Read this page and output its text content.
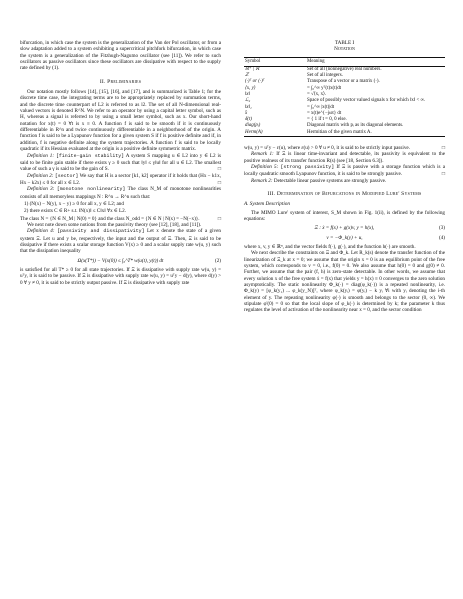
bifurcation, in which case the system is the generalization of the Van der Pol oscillator, or from a slow adaptation added to a system exhibiting a supercritical pitchfork bifurcation, in which case the system is a generalization of the Fitzhugh-Nagumo oscillator (see [11]). We refer to such oscillators as passive oscillators since these oscillators are dissipative with respect to the supply rate defined by (1).

II. Preliminaries

Our notation mostly follows [14], [15], [16], and [17], and is summarized is Table 1; for the discrete time case, the integrating terms are to be appropriately replaced by summation terms, and the discrete time counterpart of L2 is referred to as l2. The set of all N-dimensional real-valued vectors is denoted R^N. We refer to an operator by using a capital letter symbol, such as H, whereas a signal is referred to by using a small letter symbol, such as x. Our short-hand notation for x(t) = 0 ∀t is x ≡ 0. A function f is said to be smooth if it is continuously differentiable in R^n and twice continuously differentiable in a neighborhood of the origin. A function f is said to be a Lyapunov function for a given system S if f is positive definite and if, in addition, f is negative definite along the system trajectories. A function f is said to be locally quadratic if its Hessian evaluated at the origin is a positive definite symmetric matrix.

Definition 1: [finite-gain stability] A system S mapping u ∈ L2 into y ∈ L2 is said to be finite gain stable if there exists γ ≥ 0 such that ‖y‖ ≤ γ‖u‖ for all u ∈ L2. The smallest value of such a γ is said to be the gain of S.	□

Definition 2: [sector] We say that H is a sector [k1, k2] operator if it holds that (Hx − k1x, Hx − k2x) ≤ 0 for all x ∈ L2.	□

Definition 3: [monotone nonlinearity] The class N_M of monotone nonlinearities consists of all memoryless mappings N : R^n → R^n such that:

1) (N(x) − N(y), x − y) ≥ 0 for all x, y ∈ L2; and
2) there exists C ∈ R+ s.t. ‖N(x)‖ ≤ C‖x‖ ∀x ∈ L2.

The class N = {N ∈ N_M | N(0) = 0} and the class N_odd = {N ∈ N | N(x) = −N(−x)}.	□

We next note down some notions from the passivity theory (see [12], [18], and [11]).

Definition 4: [passivity and dissipativity] Let x denote the state of a given system Ξ. Let u and y be, respectively, the input and the output of Ξ. Then, Ξ is said to be dissipative if there exists a scalar storage function V(x) ≥ 0 and a scalar supply rate w(u, y) such that the dissipation inequality

Ω(x(T*)) − V(x(0)) ≤ ∫₀^T* w(u(t), y(t)) dt	(2)

is satisfied for all T* ≥ 0 for all state trajectories. If Ξ is dissipative with supply rate w(u, y) = uᵀy, it is said to be passive. If Ξ is dissipative with supply rate w(u, y) = uᵀy − d(y), where d(y) > 0 ∀ y ≠ 0, it is said to be strictly output passive. If Ξ is dissipative with supply rate

TABLE I
Notation
Symbol	Meaning
ℝ⁺ | ℝ	Set of all (nonnegative) real numbers.
ℤ	Set of all integers.
(·)ᵀ or (·)ᵀ	Transpose of a vector or a matrix (·).
⟨x, y⟩	= ∫₀^∞ yᵀ(t)x(t)dt
‖x‖	= √⟨x, x⟩.
ℒ₂	Space of possibly vector valued signals x for which ‖x‖ < ∞.
‖x‖₁	= ∫₀^∞ |x(t)|dt
x̂	= x(t)e^{−jωt} dt
δ(t)	= { 1 if t = 0, 0 else.
diag(pᵢ)	Diagonal matrix with pᵢ as its diagonal elements.
Herm(A)	Hermitian of the given matrix A.

w(u, y) = uᵀy − ε(u), where ε(u) > 0 ∀ u ≠ 0, it is said to be strictly input passive.	□

Remark 1: If Ξ is linear time-invariant and detectable, its passivity is equivalent to the positive realness of its transfer function R(s) (see [18, Section 6.3]).

Definition 5: [strong passivity] If Ξ is passive with a storage function which is a locally quadratic smooth Lyapunov function, it is said to be strongly passive.	□

Remark 2: Detectable linear passive systems are strongly passive.

III. Determination of Bifurcations in Modified Lure' Systems
A. System Description

The MIMO Lure' system of interest, S_M shown in Fig. 1(ii), is defined by the following equations:

Ξ : ẋ = f(x) + g(x)v, y = h(x),	(3)
v = −Φ_k(y) + u,	(4)

where x, v, y ∈ ℝⁿ, and the vector fields f(·), g(·), and the function h(·) are smooth.

We next describe the constraints on Ξ and Φ_k. Let R_k(s) denote the transfer function of the linearization of Ξ_k at x = 0; we assume that the origin x = 0 is an equilibrium point of the free system, which corresponds to v = 0, i.e., f(0) = 0. We also assume that h(0) = 0 and g(0) ≠ 0. Further, we assume that the pair (f, h) is zero-state detectable. In other words, we assume that every solution x of the free system ẋ = f(x) that yields y = h(x) ≡ 0 converges to the zero solution asymptotically. The static nonlinearity Φ_k(·) = diag(φ_k(·)) is a repeated nonlinearity, i.e. Φ_k(y) = [φ_k(y₁) ... φ_k(y_N)]ᵀ, where φ_k(yᵢ) = φ(yᵢ) − k yᵢ ∀i with yᵢ denoting the i-th element of y. The repeating nonlinearity φ(·) is smooth and belongs to the sector (0, ∞). We stipulate φ'(0) = 0 so that the local slope of φ_k(·) is determined by k; the parameter k thus regulates the level of activation of the nonlinearity near x = 0, and the sector condition
